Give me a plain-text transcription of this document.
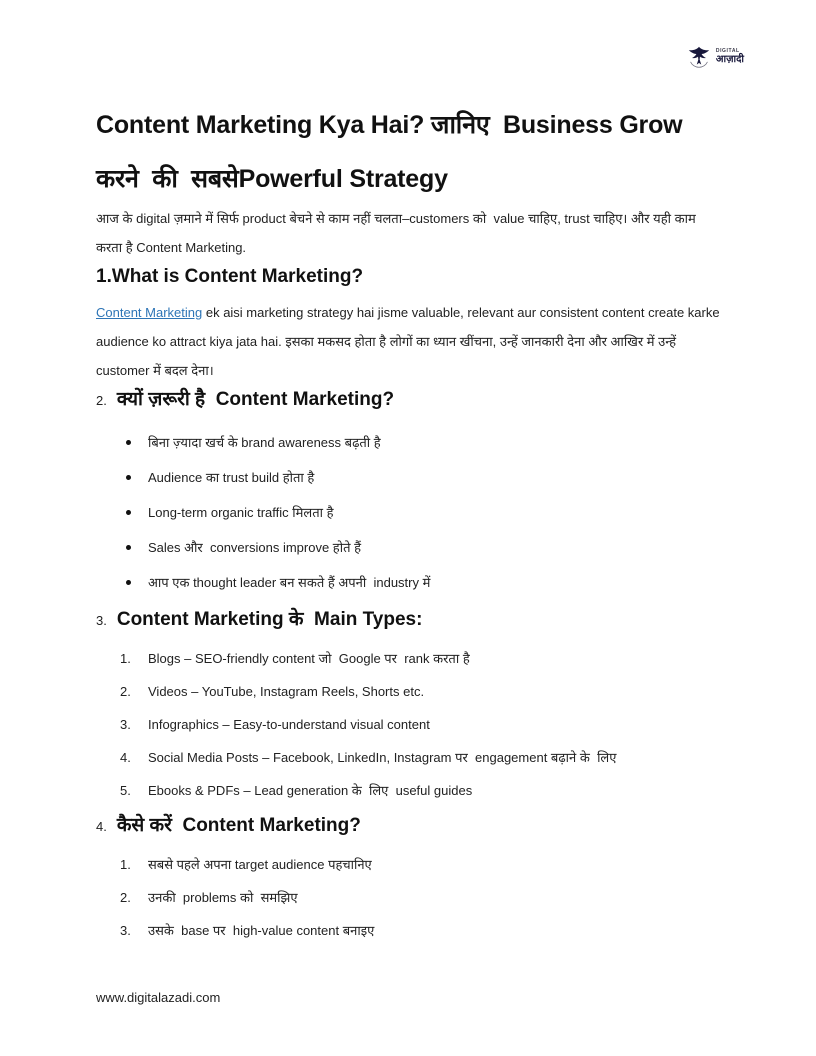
DIGITAL
आज़ादी
Content Marketing Kya Hai? जानिए  Business Grow
करने  की  सबसेPowerful Strategy

आज के digital ज़माने में सिर्फ product बेचने से काम नहीं चलता–customers को  value चाहिए, trust चाहिए। और यही काम करता है Content Marketing.

1.What is Content Marketing?

Content Marketing ek aisi marketing strategy hai jisme valuable, relevant aur consistent content create karke audience ko attract kiya jata hai. इसका मकसद होता है लोगों का ध्यान खींचना, उन्हें जानकारी देना और आखिर में उन्हें customer में बदल देना।

2. क्यों ज़रूरी है  Content Marketing?
बिना ज़्यादा खर्च के brand awareness बढ़ती है
Audience का trust build होता है
Long-term organic traffic मिलता है
Sales और  conversions improve होते हैं
आप एक thought leader बन सकते हैं अपनी  industry में
3. Content Marketing के  Main Types:
1. Blogs – SEO-friendly content जो  Google पर  rank करता है
2. Videos – YouTube, Instagram Reels, Shorts etc.
3. Infographics – Easy-to-understand visual content
4. Social Media Posts – Facebook, LinkedIn, Instagram पर  engagement बढ़ाने के  लिए
5. Ebooks & PDFs – Lead generation के  लिए  useful guides
4. कैसे करें  Content Marketing?
1. सबसे पहले अपना target audience पहचानिए
2. उनकी  problems को  समझिए
3. उसके  base पर  high-value content बनाइए
www.digitalazadi.com
